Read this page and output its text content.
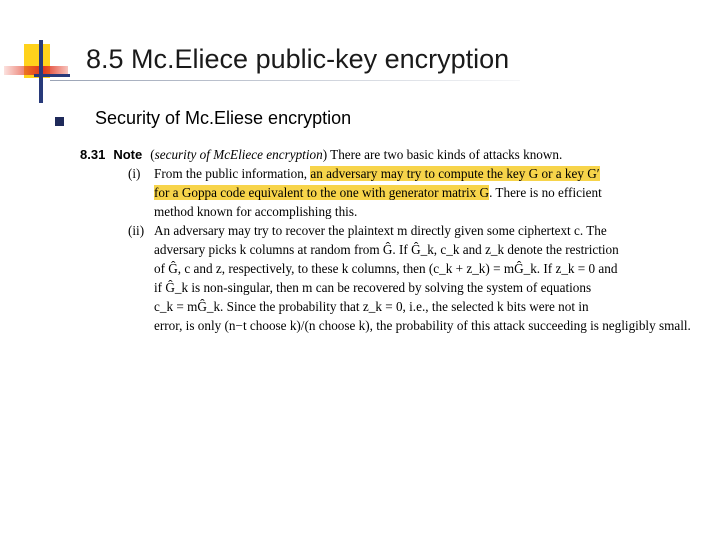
8.5 Mc.Eliece public-key encryption
Security of Mc.Eliese encryption
8.31 Note (security of McEliece encryption) There are two basic kinds of attacks known.
(i) From the public information, an adversary may try to compute the key G or a key G′
for a Goppa code equivalent to the one with generator matrix G. There is no efficient
method known for accomplishing this.
(ii) An adversary may try to recover the plaintext m directly given some ciphertext c. The
adversary picks k columns at random from Ĝ. If Ĝ_k, c_k and z_k denote the restriction
of Ĝ, c and z, respectively, to these k columns, then (c_k + z_k) = mĜ_k. If z_k = 0 and
if Ĝ_k is non-singular, then m can be recovered by solving the system of equations
c_k = mĜ_k. Since the probability that z_k = 0, i.e., the selected k bits were not in
error, is only (n−t choose k)/(n choose k), the probability of this attack succeeding is negligibly small.
